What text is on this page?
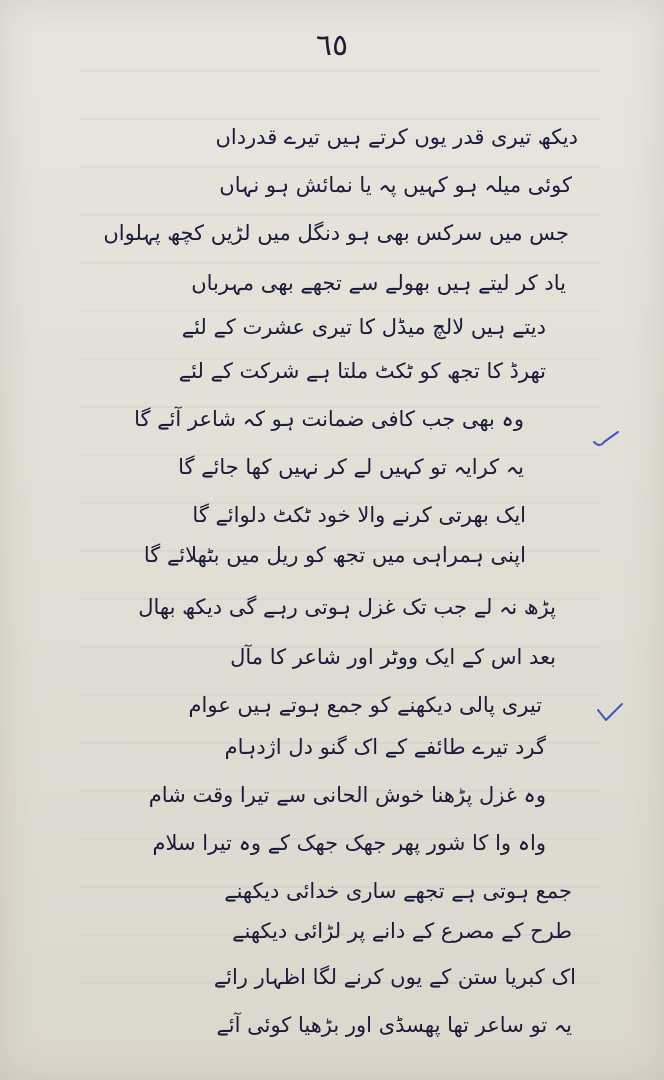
٦٥
دیکھ تیری قدر یوں کرتے ہیں تیرے قدرداں
کوئی میلہ ہو کہیں پہ یا نمائش ہو نہاں
جس میں سرکس بھی ہو دنگل میں لڑیں کچھ پہلواں
یاد کر لیتے ہیں بھولے سے تجھے بھی مہرباں
دیتے ہیں لالچ میڈل کا تیری عشرت کے لئے
تھرڈ کا تجھ کو ٹکٹ ملتا ہے شرکت کے لئے
وہ بھی جب کافی ضمانت ہو کہ شاعر آئے گا
یہ کرایہ تو کہیں لے کر نہیں کھا جائے گا
ایک بھرتی کرنے والا خود ٹکٹ دلوائے گا
اپنی ہمراہی میں تجھ کو ریل میں بٹھلائے گا
پڑھ نہ لے جب تک غزل ہوتی رہے گی دیکھ بھال
بعد اس کے ایک ووٹر اور شاعر کا مآل
تیری پالی دیکھنے کو جمع ہوتے ہیں عوام
گرد تیرے طائفے کے اک گنو دل اژدہام
وہ غزل پڑھنا خوش الحانی سے تیرا وقت شام
واہ وا کا شور پھر جھک جھک کے وہ تیرا سلام
جمع ہوتی ہے تجھے ساری خدائی دیکھنے
طرح کے مصرع کے دانے پر لڑائی دیکھنے
اک کبریا ستن کے یوں کرنے لگا اظہار رائے
یہ تو ساعر تھا پھسڈی اور بڑھیا کوئی آئے
